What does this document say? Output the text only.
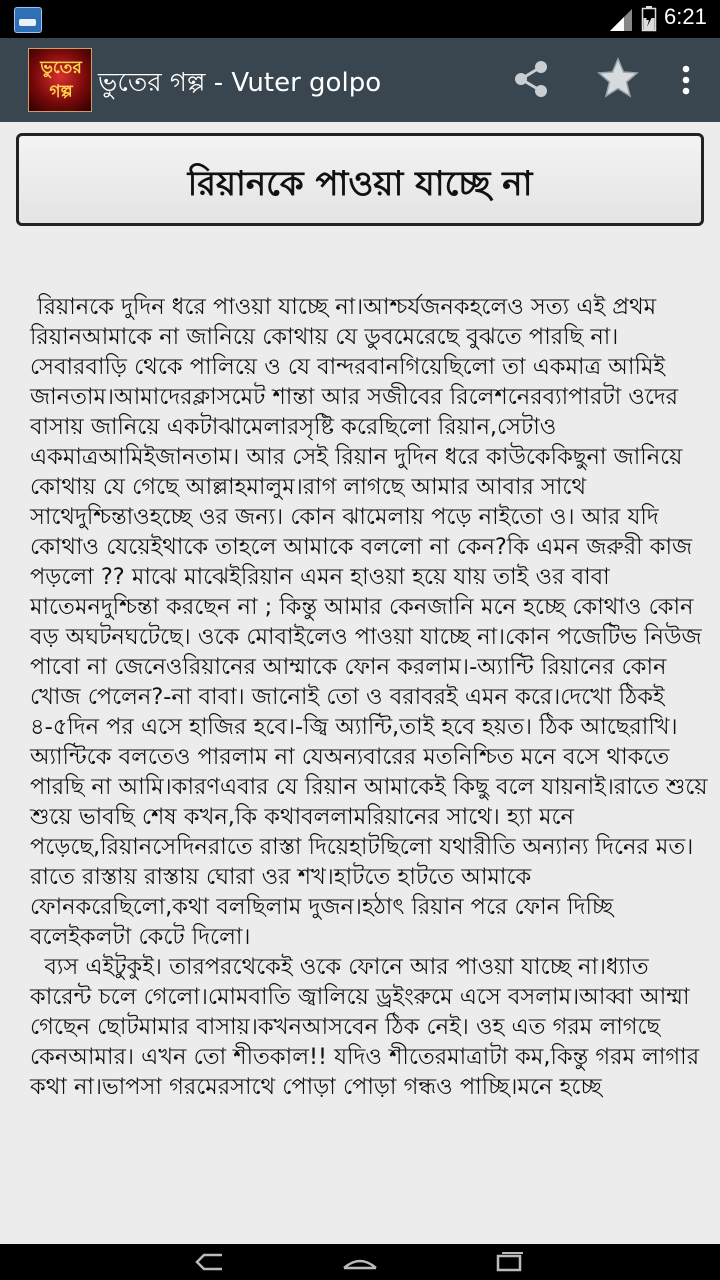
6:21
ভুতের
গল্প ভুতের গল্প - Vuter golpo
রিয়ানকে পাওয়া যাচ্ছে না
রিয়ানকে দুদিন ধরে পাওয়া যাচ্ছে না।আশ্চর্যজনকহলেও সত্য এই প্রথম রিয়ানআমাকে না জানিয়ে কোথায় যে ডুবমেরেছে বুঝতে পারছি না। সেবারবাড়ি থেকে পালিয়ে ও যে বান্দরবানগিয়েছিলো তা একমাত্র আমিই জানতাম।আমাদেরক্লাসমেট শান্তা আর সজীবের রিলেশনেরব্যাপারটা ওদের বাসায় জানিয়ে একটাঝামেলারসৃষ্টি করেছিলো রিয়ান,সেটাও একমাত্রআমিইজানতাম। আর সেই রিয়ান দুদিন ধরে কাউকেকিছুনা জানিয়ে কোথায় যে গেছে আল্লাহমালুম।রাগ লাগছে আমার আবার সাথে সাথেদুশ্চিন্তাওহচ্ছে ওর জন্য। কোন ঝামেলায় পড়ে নাইতো ও। আর যদি কোথাও যেয়েইথাকে তাহলে আমাকে বললো না কেন?কি এমন জরুরী কাজ পড়লো ?? মাঝে মাঝেইরিয়ান এমন হাওয়া হয়ে যায় তাই ওর বাবা মাতেমনদুশ্চিন্তা করছেন না ; কিন্তু আমার কেনজানি মনে হচ্ছে কোথাও কোন বড় অঘটনঘটেছে। ওকে মোবাইলেও পাওয়া যাচ্ছে না।কোন পজেটিভ নিউজ পাবো না জেনেওরিয়ানের আম্মাকে ফোন করলাম।-অ্যান্টি রিয়ানের কোন খোজ পেলেন?-না বাবা। জানোই তো ও বরাবরই এমন করে।দেখো ঠিকই ৪-৫দিন পর এসে হাজির হবে।-জ্বি অ্যান্টি,তাই হবে হয়ত। ঠিক আছেরাখি।অ্যান্টিকে বলতেও পারলাম না যেঅন্যবারের মতনিশ্চিত মনে বসে থাকতে পারছি না আমি।কারণএবার যে রিয়ান আমাকেই কিছু বলে যায়নাই।রাতে শুয়ে শুয়ে ভাবছি শেষ কখন,কি কথাবললামরিয়ানের সাথে। হ্যা মনে পড়েছে,রিয়ানসেদিনরাতে রাস্তা দিয়েহাটছিলো যথারীতি অন্যান্য দিনের মত।রাতে রাস্তায় রাস্তায় ঘোরা ওর শখ।হাটতে হাটতে আমাকে ফোনকরেছিলো,কথা বলছিলাম দুজন।হঠাৎ রিয়ান পরে ফোন দিচ্ছি বলেইকলটা কেটে দিলো।
ব্যস এইটুকুই। তারপরথেকেই ওকে ফোনে আর পাওয়া যাচ্ছে না।ধ্যাত কারেন্ট চলে গেলো।মোমবাতি জ্বালিয়ে ড্রইংরুমে এসে বসলাম।আব্বা আম্মা গেছেন ছোটমামার বাসায়।কখনআসবেন ঠিক নেই। ওহ এত গরম লাগছে কেনআমার। এখন তো শীতকাল!! যদিও শীতেরমাত্রাটা কম,কিন্তু গরম লাগার কথা না।ভাপসা গরমেরসাথে পোড়া পোড়া গন্ধও পাচ্ছি।মনে হচ্ছে
